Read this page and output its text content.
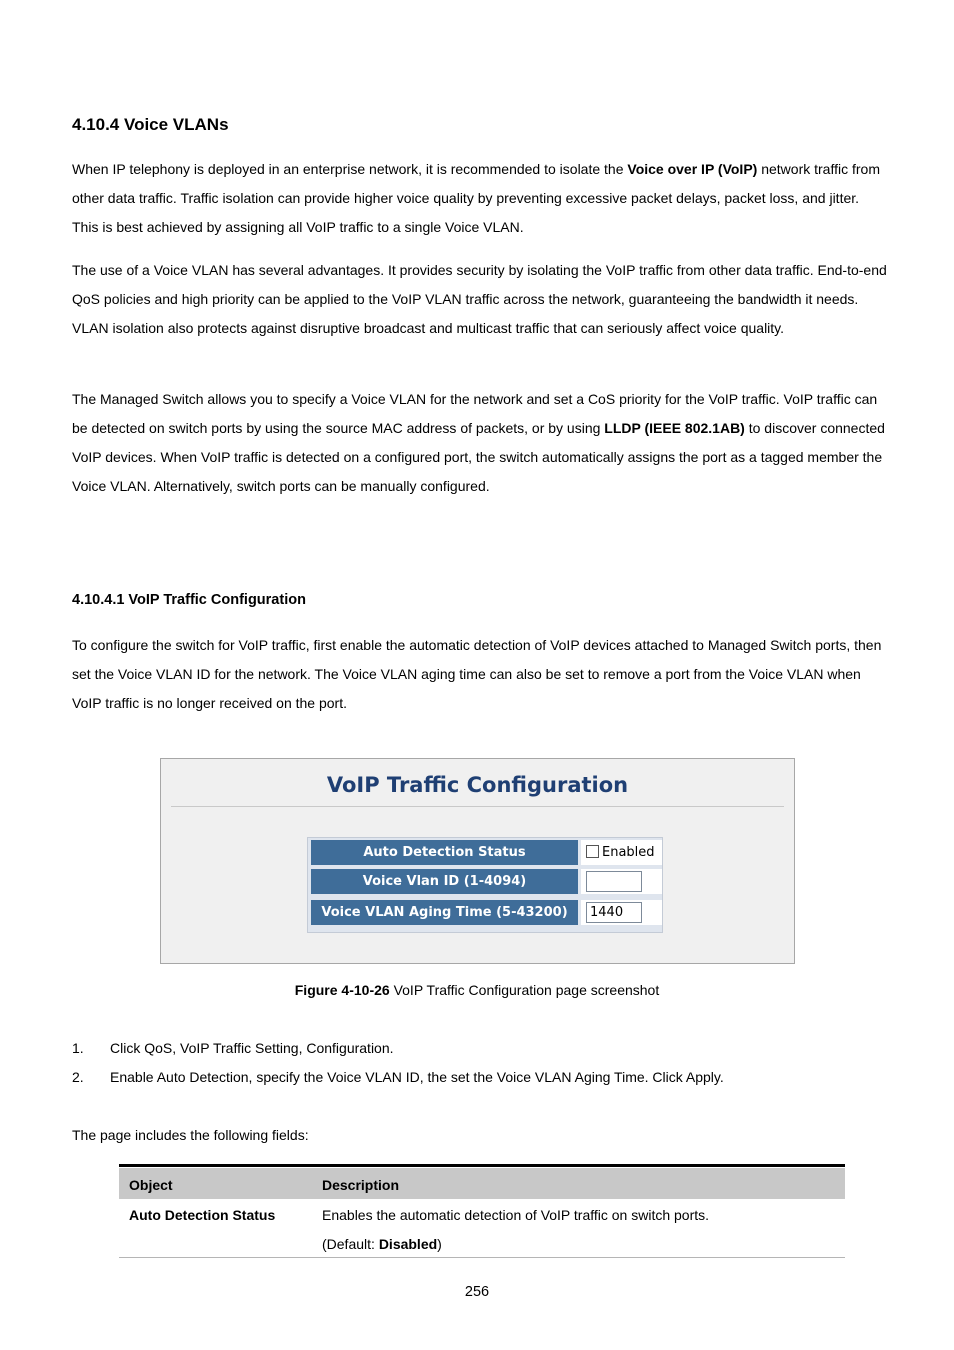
4.10.4 Voice VLANs
When IP telephony is deployed in an enterprise network, it is recommended to isolate the Voice over IP (VoIP) network traffic from other data traffic. Traffic isolation can provide higher voice quality by preventing excessive packet delays, packet loss, and jitter. This is best achieved by assigning all VoIP traffic to a single Voice VLAN.
The use of a Voice VLAN has several advantages. It provides security by isolating the VoIP traffic from other data traffic. End-to-end QoS policies and high priority can be applied to the VoIP VLAN traffic across the network, guaranteeing the bandwidth it needs. VLAN isolation also protects against disruptive broadcast and multicast traffic that can seriously affect voice quality.
The Managed Switch allows you to specify a Voice VLAN for the network and set a CoS priority for the VoIP traffic. VoIP traffic can be detected on switch ports by using the source MAC address of packets, or by using LLDP (IEEE 802.1AB) to discover connected VoIP devices. When VoIP traffic is detected on a configured port, the switch automatically assigns the port as a tagged member the Voice VLAN. Alternatively, switch ports can be manually configured.
4.10.4.1 VoIP Traffic Configuration
To configure the switch for VoIP traffic, first enable the automatic detection of VoIP devices attached to Managed Switch ports, then set the Voice VLAN ID for the network. The Voice VLAN aging time can also be set to remove a port from the Voice VLAN when VoIP traffic is no longer received on the port.
VoIP Traffic Configuration
Auto Detection Status	Enabled
Voice Vlan ID (1-4094)
Voice VLAN Aging Time (5-43200)	1440
Figure 4-10-26 VoIP Traffic Configuration page screenshot
1. Click QoS, VoIP Traffic Setting, Configuration.
2. Enable Auto Detection, specify the Voice VLAN ID, the set the Voice VLAN Aging Time. Click Apply.
The page includes the following fields:
Object	Description
Auto Detection Status	Enables the automatic detection of VoIP traffic on switch ports.
(Default: Disabled)
256
